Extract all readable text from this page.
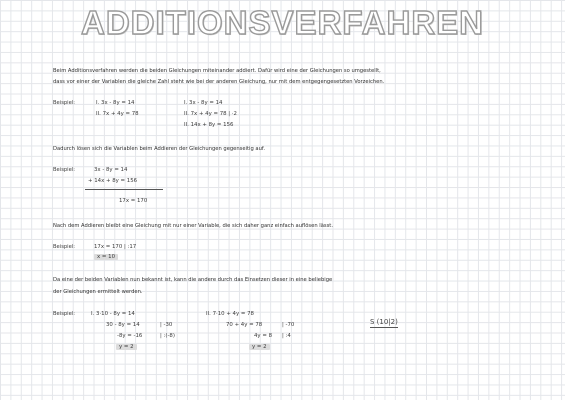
ADDITIONSVERFAHREN
Beim Additionsverfahren werden die beiden Gleichungen miteinander addiert. Dafür wird eine der Gleichungen so umgestellt,
dass vor einer der Variablen die gleiche Zahl steht wie bei der anderen Gleichung, nur mit dem entgegengesetzten Vorzeichen.
Beispiel:	I. 3x - 8y = 14
II. 7x + 4y = 78
I. 3x - 8y = 14
II. 7x + 4y = 78 | ·2
II. 14x + 8y = 156
Dadurch lösen sich die Variablen beim Addieren der Gleichungen gegenseitig auf.
Beispiel:	3x - 8y = 14
+ 14x + 8y = 156
17x = 170
Nach dem Addieren bleibt eine Gleichung mit nur einer Variable, die sich daher ganz einfach auflösen lässt.
Beispiel:	17x = 170 | :17
x = 10
Da eine der beiden Variablen nun bekannt ist, kann die andere durch das Einsetzen dieser in eine beliebige
der Gleichungen ermittelt werden.
Beispiel:	I. 3·10 - 8y = 14
30 - 8y = 14	| -30
-8y = -16	| :(-8)
y = 2
II. 7·10 + 4y = 78
70 + 4y = 78	| -70
4y = 8 | :4
y = 2
S (10|2)
